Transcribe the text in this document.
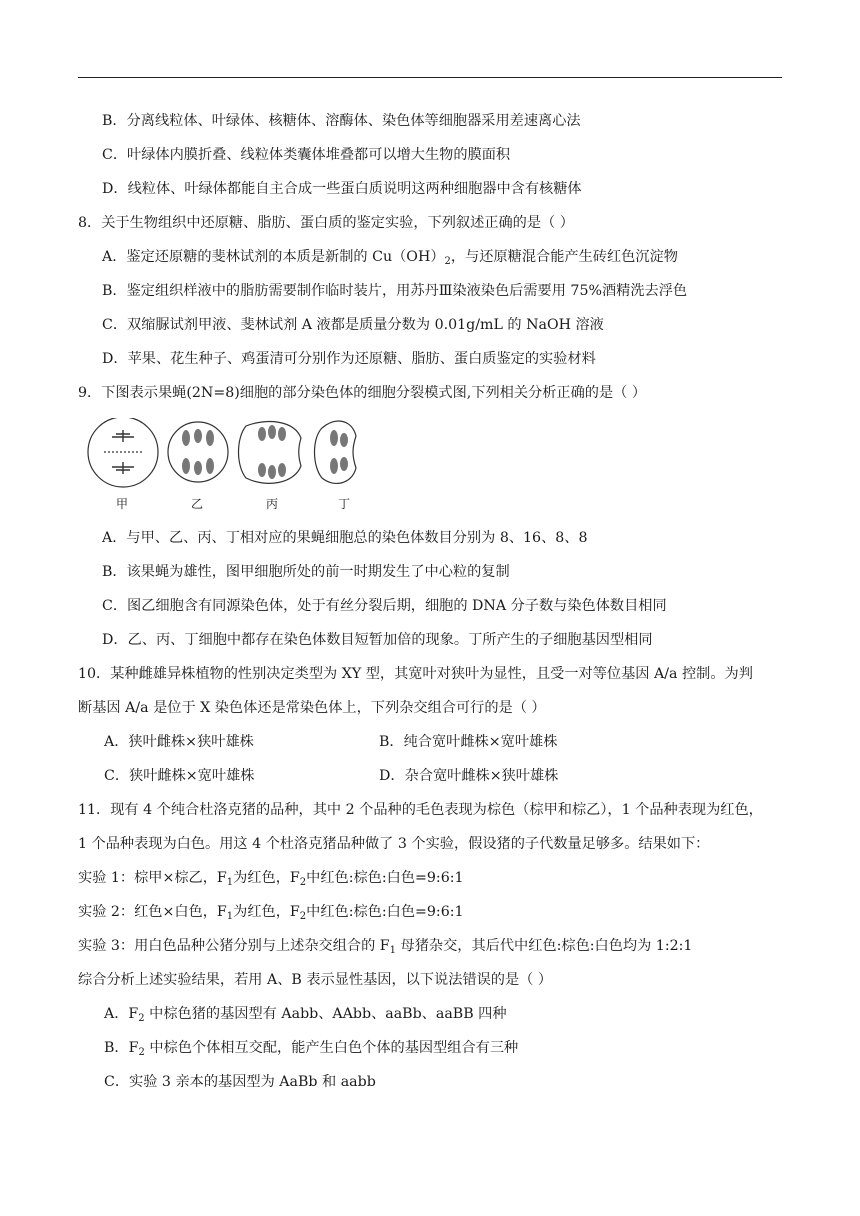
B．分离线粒体、叶绿体、核糖体、溶酶体、染色体等细胞器采用差速离心法
C．叶绿体内膜折叠、线粒体类囊体堆叠都可以增大生物的膜面积
D．线粒体、叶绿体都能自主合成一些蛋白质说明这两种细胞器中含有核糖体
8．关于生物组织中还原糖、脂肪、蛋白质的鉴定实验，下列叙述正确的是（ ）
A．鉴定还原糖的斐林试剂的本质是新制的 $Cu(OH)_2$，与还原糖混合能产生砖红色沉淀物
B．鉴定组织样液中的脂肪需要制作临时装片，用苏丹Ⅲ染液染色后需要用 75%酒精洗去浮色
C．双缩脲试剂甲液、斐林试剂 A 液都是质量分数为 0.01g/mL 的 NaOH 溶液
D．苹果、花生种子、鸡蛋清可分别作为还原糖、脂肪、蛋白质鉴定的实验材料
9．下图表示果蝇(2N=8)细胞的部分染色体的细胞分裂模式图,下列相关分析正确的是（ ）
甲	乙	丙	丁
A．与甲、乙、丙、丁相对应的果蝇细胞总的染色体数目分别为 8、16、8、8
B．该果蝇为雄性，图甲细胞所处的前一时期发生了中心粒的复制
C．图乙细胞含有同源染色体，处于有丝分裂后期，细胞的 DNA 分子数与染色体数目相同
D．乙、丙、丁细胞中都存在染色体数目短暂加倍的现象。丁所产生的子细胞基因型相同
10．某种雌雄异株植物的性别决定类型为 XY 型，其宽叶对狭叶为显性，且受一对等位基因 A/a 控制。为判
断基因 A/a 是位于 X 染色体还是常染色体上，下列杂交组合可行的是（ ）
A．狭叶雌株×狭叶雄株	B．纯合宽叶雌株×宽叶雄株
C．狭叶雌株×宽叶雄株	D．杂合宽叶雌株×狭叶雄株
11．现有 4 个纯合杜洛克猪的品种，其中 2 个品种的毛色表现为棕色（棕甲和棕乙），1 个品种表现为红色，
1 个品种表现为白色。用这 4 个杜洛克猪品种做了 3 个实验，假设猪的子代数量足够多。结果如下：
实验 1：棕甲×棕乙，$F_1$为红色，$F_2$中红色:棕色:白色=9:6:1
实验 2：红色×白色，$F_1$为红色，$F_2$中红色:棕色:白色=9:6:1
实验 3：用白色品种公猪分别与上述杂交组合的 $F_1$ 母猪杂交，其后代中红色:棕色:白色均为 1:2:1
综合分析上述实验结果，若用 A、B 表示显性基因，以下说法错误的是（ ）
A．$F_2$ 中棕色猪的基因型有 Aabb、AAbb、aaBb、aaBB 四种
B．$F_2$ 中棕色个体相互交配，能产生白色个体的基因型组合有三种
C．实验 3 亲本的基因型为 AaBb 和 aabb
